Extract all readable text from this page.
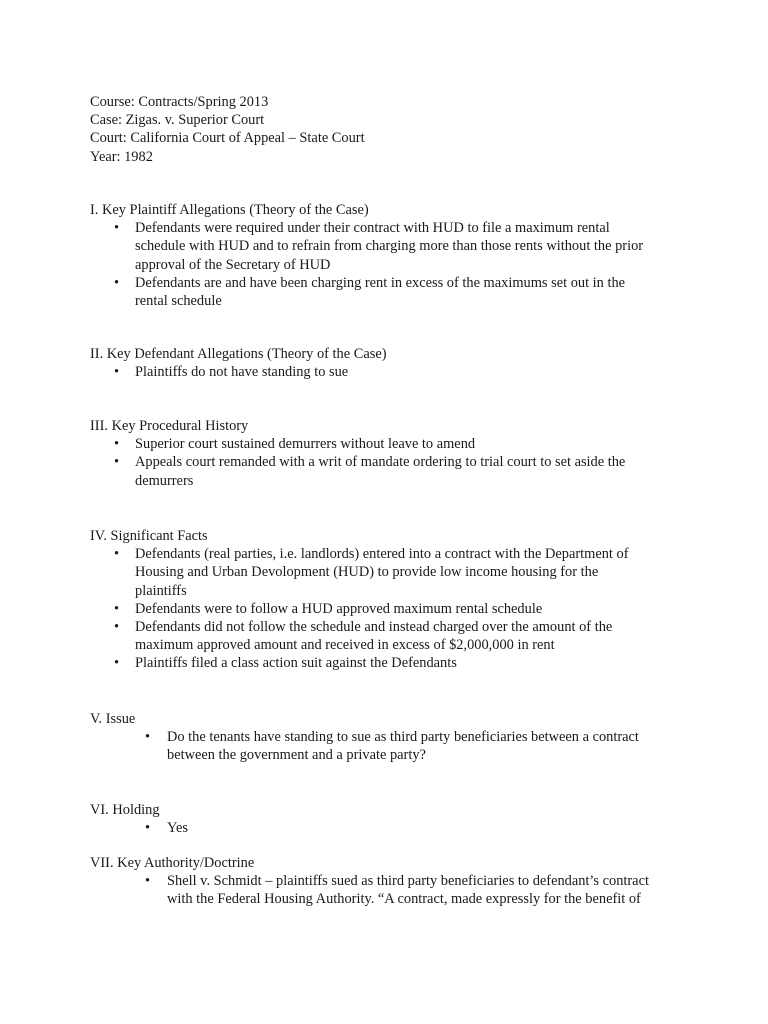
Course: Contracts/Spring 2013

Case: Zigas. v. Superior Court

Court: California Court of Appeal – State Court

Year: 1982

I. Key Plaintiff Allegations (Theory of the Case)

• Defendants were required under their contract with HUD to file a maximum rental
schedule with HUD and to refrain from charging more than those rents without the prior
approval of the Secretary of HUD
• Defendants are and have been charging rent in excess of the maximums set out in the
rental schedule

II. Key Defendant Allegations (Theory of the Case)

• Plaintiffs do not have standing to sue

III. Key Procedural History

• Superior court sustained demurrers without leave to amend
• Appeals court remanded with a writ of mandate ordering to trial court to set aside the
demurrers

IV. Significant Facts

• Defendants (real parties, i.e. landlords) entered into a contract with the Department of
Housing and Urban Devolopment (HUD) to provide low income housing for the
plaintiffs
• Defendants were to follow a HUD approved maximum rental schedule
• Defendants did not follow the schedule and instead charged over the amount of the
maximum approved amount and received in excess of $2,000,000 in rent
• Plaintiffs filed a class action suit against the Defendants

V. Issue

• Do the tenants have standing to sue as third party beneficiaries between a contract
between the government and a private party?

VI. Holding

• Yes

VII. Key Authority/Doctrine

• Shell v. Schmidt – plaintiffs sued as third party beneficiaries to defendant’s contract
with the Federal Housing Authority. “A contract, made expressly for the benefit of
